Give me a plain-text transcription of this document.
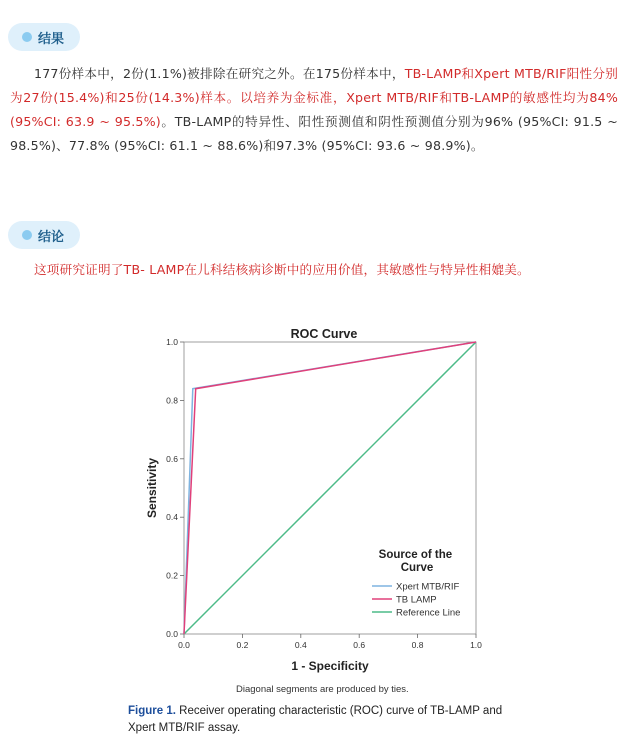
结果
177份样本中，2份(1.1%)被排除在研究之外。在175份样本中，TB-LAMP和Xpert MTB/RIF阳性分别为27份(15.4%)和25份(14.3%)样本。以培养为金标准，Xpert MTB/RIF和TB-LAMP的敏感性均为84% (95%CI: 63.9 ~ 95.5%)。TB-LAMP的特异性、阳性预测值和阴性预测值分别为96% (95%CI: 91.5 ~ 98.5%)、77.8% (95%CI: 61.1 ~ 88.6%)和97.3% (95%CI: 93.6 ~ 98.9%)。
结论
这项研究证明了TB- LAMP在儿科结核病诊断中的应用价值，其敏感性与特异性相媲美。
ROC Curve
0.0
0.0
0.2
0.2
0.4
0.4
0.6
0.6
0.8
0.8
1.0
1.0
1 - Specificity
Sensitivity
Source of the Curve
Xpert MTB/RIF
TB LAMP
Reference Line
Diagonal segments are produced by ties.
Figure 1. Receiver operating characteristic (ROC) curve of TB-LAMP and Xpert MTB/RIF assay.
